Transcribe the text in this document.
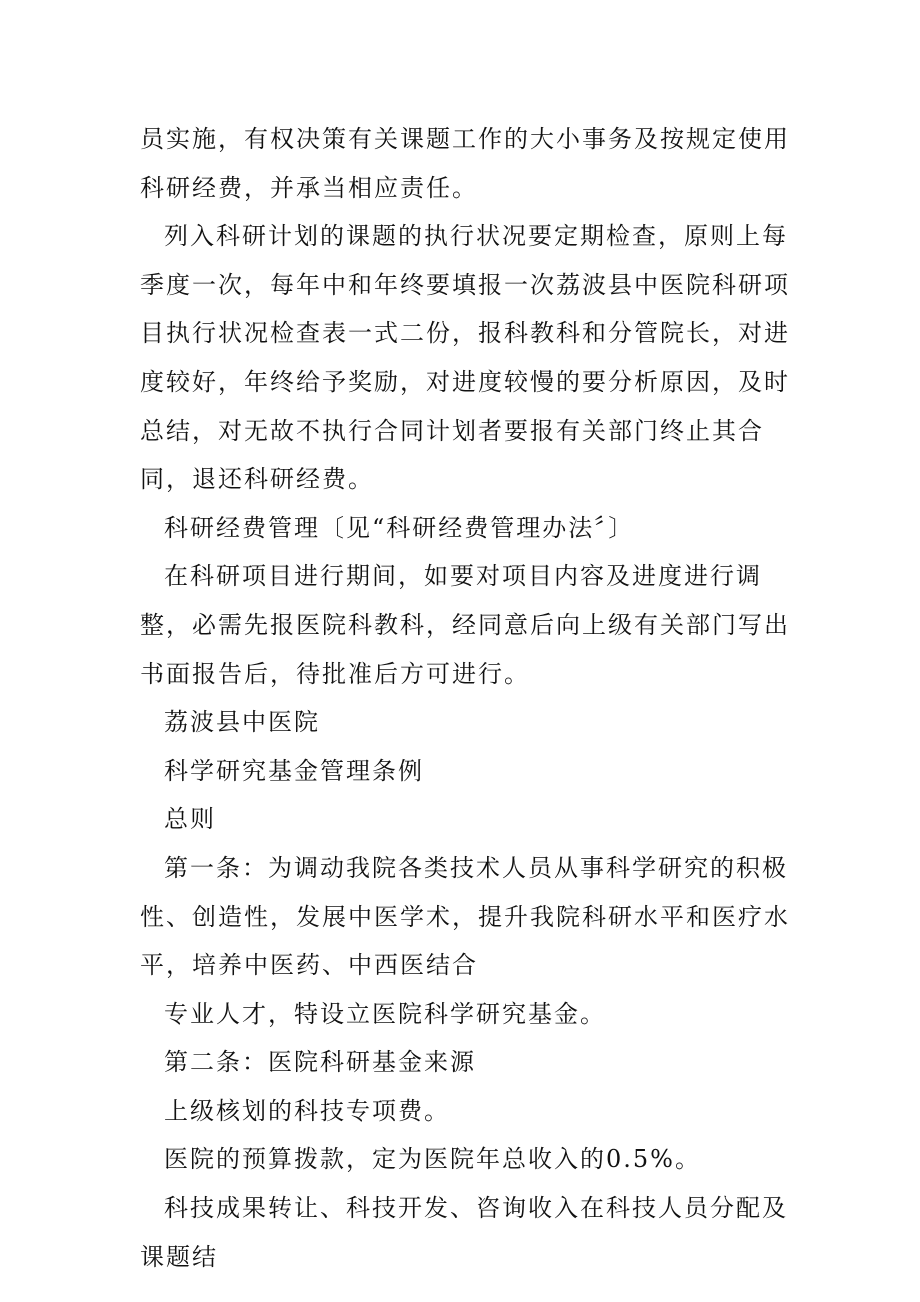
员实施，有权决策有关课题工作的大小事务及按规定使用科研经费，并承当相应责任。

列入科研计划的课题的执行状况要定期检查，原则上每季度一次，每年中和年终要填报一次荔波县中医院科研项目执行状况检查表一式二份，报科教科和分管院长，对进度较好，年终给予奖励，对进度较慢的要分析原因，及时总结，对无故不执行合同计划者要报有关部门终止其合同，退还科研经费。

科研经费管理〔见“科研经费管理办法〞〕

在科研项目进行期间，如要对项目内容及进度进行调整，必需先报医院科教科，经同意后向上级有关部门写出书面报告后，待批准后方可进行。

荔波县中医院

科学研究基金管理条例

总则

第一条：为调动我院各类技术人员从事科学研究的积极性、创造性，发展中医学术，提升我院科研水平和医疗水平，培养中医药、中西医结合

专业人才，特设立医院科学研究基金。

第二条：医院科研基金来源

上级核划的科技专项费。

医院的预算拨款，定为医院年总收入的0.5%。

科技成果转让、科技开发、咨询收入在科技人员分配及课题结
